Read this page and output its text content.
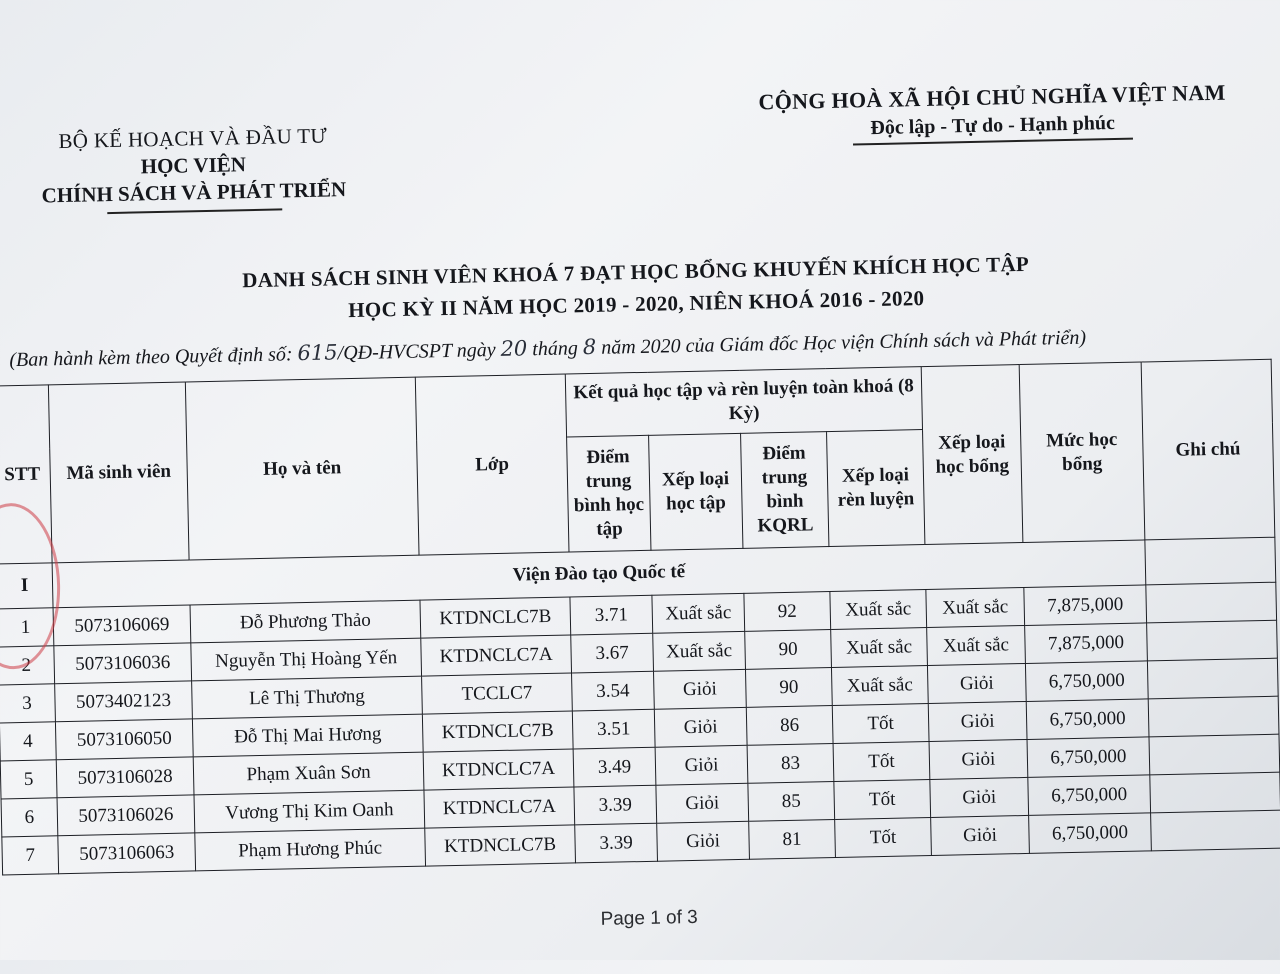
BỘ KẾ HOẠCH VÀ ĐẦU TƯ
HỌC VIỆN
CHÍNH SÁCH VÀ PHÁT TRIỂN
CỘNG HOÀ XÃ HỘI CHỦ NGHĨA VIỆT NAM
Độc lập - Tự do - Hạnh phúc
DANH SÁCH SINH VIÊN KHOÁ 7 ĐẠT HỌC BỔNG KHUYẾN KHÍCH HỌC TẬP
HỌC KỲ II NĂM HỌC 2019 - 2020, NIÊN KHOÁ 2016 - 2020
(Ban hành kèm theo Quyết định số: 615/QĐ-HVCSPT ngày 20 tháng 8 năm 2020 của Giám đốc Học viện Chính sách và Phát triển)
STT	Mã sinh viên	Họ và tên	Lớp	Kết quả học tập và rèn luyện toàn khoá (8 Kỳ)				Xếp loại học bổng	Mức học bổng	Ghi chú
				Điểm trung bình học tập	Xếp loại học tập	Điểm trung bình KQRL	Xếp loại rèn luyện			
I	Viện Đào tạo Quốc tế									
1	5073106069	Đỗ Phương Thảo	KTDNCLC7B	3.71	Xuất sắc	92	Xuất sắc	Xuất sắc	7,875,000	
2	5073106036	Nguyễn Thị Hoàng Yến	KTDNCLC7A	3.67	Xuất sắc	90	Xuất sắc	Xuất sắc	7,875,000	
3	5073402123	Lê Thị Thương	TCCLC7	3.54	Giỏi	90	Xuất sắc	Giỏi	6,750,000	
4	5073106050	Đỗ Thị Mai Hương	KTDNCLC7B	3.51	Giỏi	86	Tốt	Giỏi	6,750,000	
5	5073106028	Phạm Xuân Sơn	KTDNCLC7A	3.49	Giỏi	83	Tốt	Giỏi	6,750,000	
6	5073106026	Vương Thị Kim Oanh	KTDNCLC7A	3.39	Giỏi	85	Tốt	Giỏi	6,750,000	
7	5073106063	Phạm Hương Phúc	KTDNCLC7B	3.39	Giỏi	81	Tốt	Giỏi	6,750,000	
Page 1 of 3
